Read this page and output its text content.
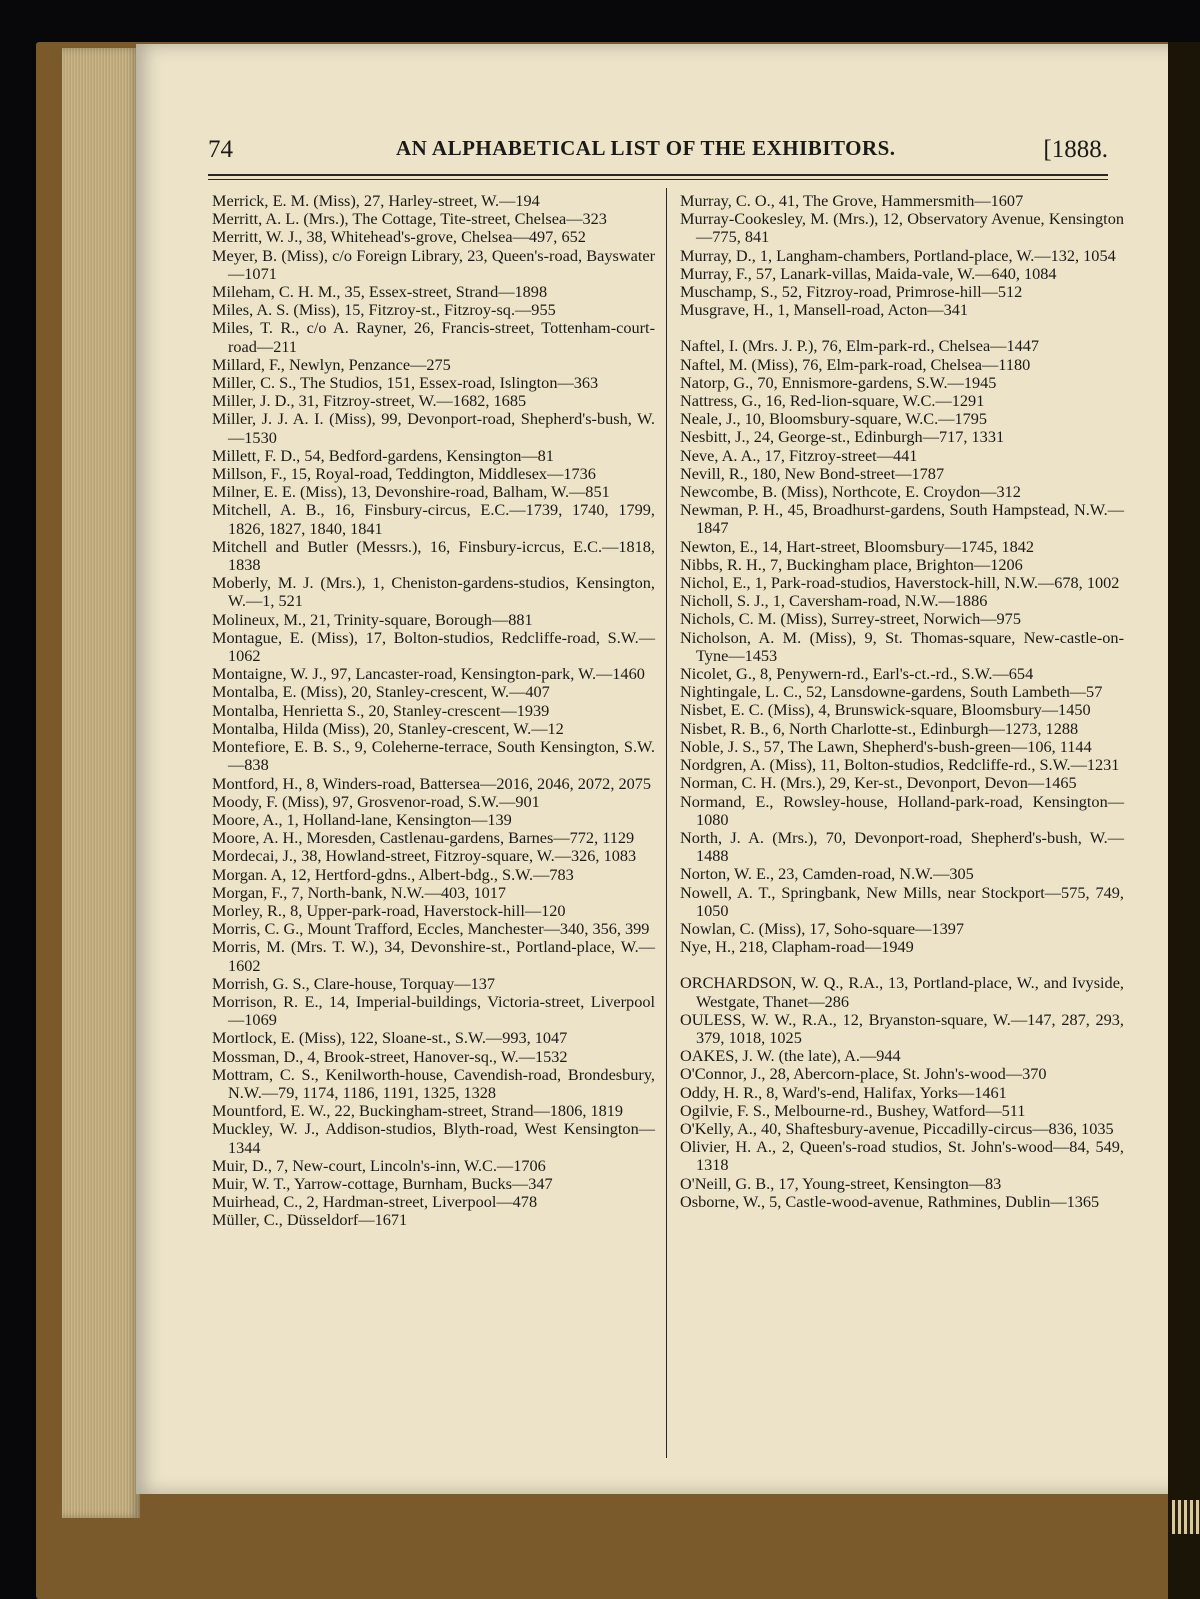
74	AN ALPHABETICAL LIST OF THE EXHIBITORS.	[1888.
Merrick, E. M. (Miss), 27, Harley-street, W.—194
Merritt, A. L. (Mrs.), The Cottage, Tite-street, Chelsea—323
Merritt, W. J., 38, Whitehead's-grove, Chelsea—497, 652
Meyer, B. (Miss), c/o Foreign Library, 23, Queen's-road, Bayswater—1071
Mileham, C. H. M., 35, Essex-street, Strand—1898
Miles, A. S. (Miss), 15, Fitzroy-st., Fitzroy-sq.—955
Miles, T. R., c/o A. Rayner, 26, Francis-street, Tottenham-court-road—211
Millard, F., Newlyn, Penzance—275
Miller, C. S., The Studios, 151, Essex-road, Islington—363
Miller, J. D., 31, Fitzroy-street, W.—1682, 1685
Miller, J. J. A. I. (Miss), 99, Devonport-road, Shepherd's-bush, W.—1530
Millett, F. D., 54, Bedford-gardens, Kensington—81
Millson, F., 15, Royal-road, Teddington, Middlesex—1736
Milner, E. E. (Miss), 13, Devonshire-road, Balham, W.—851
Mitchell, A. B., 16, Finsbury-circus, E.C.—1739, 1740, 1799, 1826, 1827, 1840, 1841
Mitchell and Butler (Messrs.), 16, Finsbury-icrcus, E.C.—1818, 1838
Moberly, M. J. (Mrs.), 1, Cheniston-gardens-studios, Kensington, W.—1, 521
Molineux, M., 21, Trinity-square, Borough—881
Montague, E. (Miss), 17, Bolton-studios, Redcliffe-road, S.W.—1062
Montaigne, W. J., 97, Lancaster-road, Kensington-park, W.—1460
Montalba, E. (Miss), 20, Stanley-crescent, W.—407
Montalba, Henrietta S., 20, Stanley-crescent—1939
Montalba, Hilda (Miss), 20, Stanley-crescent, W.—12
Montefiore, E. B. S., 9, Coleherne-terrace, South Kensington, S.W.—838
Montford, H., 8, Winders-road, Battersea—2016, 2046, 2072, 2075
Moody, F. (Miss), 97, Grosvenor-road, S.W.—901
Moore, A., 1, Holland-lane, Kensington—139
Moore, A. H., Moresden, Castlenau-gardens, Barnes—772, 1129
Mordecai, J., 38, Howland-street, Fitzroy-square, W.—326, 1083
Morgan. A, 12, Hertford-gdns., Albert-bdg., S.W.—783
Morgan, F., 7, North-bank, N.W.—403, 1017
Morley, R., 8, Upper-park-road, Haverstock-hill—120
Morris, C. G., Mount Trafford, Eccles, Manchester—340, 356, 399
Morris, M. (Mrs. T. W.), 34, Devonshire-st., Portland-place, W.—1602
Morrish, G. S., Clare-house, Torquay—137
Morrison, R. E., 14, Imperial-buildings, Victoria-street, Liverpool—1069
Mortlock, E. (Miss), 122, Sloane-st., S.W.—993, 1047
Mossman, D., 4, Brook-street, Hanover-sq., W.—1532
Mottram, C. S., Kenilworth-house, Cavendish-road, Brondesbury, N.W.—79, 1174, 1186, 1191, 1325, 1328
Mountford, E. W., 22, Buckingham-street, Strand—1806, 1819
Muckley, W. J., Addison-studios, Blyth-road, West Kensington—1344
Muir, D., 7, New-court, Lincoln's-inn, W.C.—1706
Muir, W. T., Yarrow-cottage, Burnham, Bucks—347
Muirhead, C., 2, Hardman-street, Liverpool—478
Müller, C., Düsseldorf—1671
Murray, C. O., 41, The Grove, Hammersmith—1607
Murray-Cookesley, M. (Mrs.), 12, Observatory Avenue, Kensington—775, 841
Murray, D., 1, Langham-chambers, Portland-place, W.—132, 1054
Murray, F., 57, Lanark-villas, Maida-vale, W.—640, 1084
Muschamp, S., 52, Fitzroy-road, Primrose-hill—512
Musgrave, H., 1, Mansell-road, Acton—341
Naftel, I. (Mrs. J. P.), 76, Elm-park-rd., Chelsea—1447
Naftel, M. (Miss), 76, Elm-park-road, Chelsea—1180
Natorp, G., 70, Ennismore-gardens, S.W.—1945
Nattress, G., 16, Red-lion-square, W.C.—1291
Neale, J., 10, Bloomsbury-square, W.C.—1795
Nesbitt, J., 24, George-st., Edinburgh—717, 1331
Neve, A. A., 17, Fitzroy-street—441
Nevill, R., 180, New Bond-street—1787
Newcombe, B. (Miss), Northcote, E. Croydon—312
Newman, P. H., 45, Broadhurst-gardens, South Hampstead, N.W.—1847
Newton, E., 14, Hart-street, Bloomsbury—1745, 1842
Nibbs, R. H., 7, Buckingham place, Brighton—1206
Nichol, E., 1, Park-road-studios, Haverstock-hill, N.W.—678, 1002
Nicholl, S. J., 1, Caversham-road, N.W.—1886
Nichols, C. M. (Miss), Surrey-street, Norwich—975
Nicholson, A. M. (Miss), 9, St. Thomas-square, New-castle-on-Tyne—1453
Nicolet, G., 8, Penywern-rd., Earl's-ct.-rd., S.W.—654
Nightingale, L. C., 52, Lansdowne-gardens, South Lambeth—57
Nisbet, E. C. (Miss), 4, Brunswick-square, Bloomsbury—1450
Nisbet, R. B., 6, North Charlotte-st., Edinburgh—1273, 1288
Noble, J. S., 57, The Lawn, Shepherd's-bush-green—106, 1144
Nordgren, A. (Miss), 11, Bolton-studios, Redcliffe-rd., S.W.—1231
Norman, C. H. (Mrs.), 29, Ker-st., Devonport, Devon—1465
Normand, E., Rowsley-house, Holland-park-road, Kensington—1080
North, J. A. (Mrs.), 70, Devonport-road, Shepherd's-bush, W.—1488
Norton, W. E., 23, Camden-road, N.W.—305
Nowell, A. T., Springbank, New Mills, near Stockport—575, 749, 1050
Nowlan, C. (Miss), 17, Soho-square—1397
Nye, H., 218, Clapham-road—1949
ORCHARDSON, W. Q., R.A., 13, Portland-place, W., and Ivyside, Westgate, Thanet—286
OULESS, W. W., R.A., 12, Bryanston-square, W.—147, 287, 293, 379, 1018, 1025
OAKES, J. W. (the late), A.—944
O'Connor, J., 28, Abercorn-place, St. John's-wood—370
Oddy, H. R., 8, Ward's-end, Halifax, Yorks—1461
Ogilvie, F. S., Melbourne-rd., Bushey, Watford—511
O'Kelly, A., 40, Shaftesbury-avenue, Piccadilly-circus—836, 1035
Olivier, H. A., 2, Queen's-road studios, St. John's-wood—84, 549, 1318
O'Neill, G. B., 17, Young-street, Kensington—83
Osborne, W., 5, Castle-wood-avenue, Rathmines, Dublin—1365
